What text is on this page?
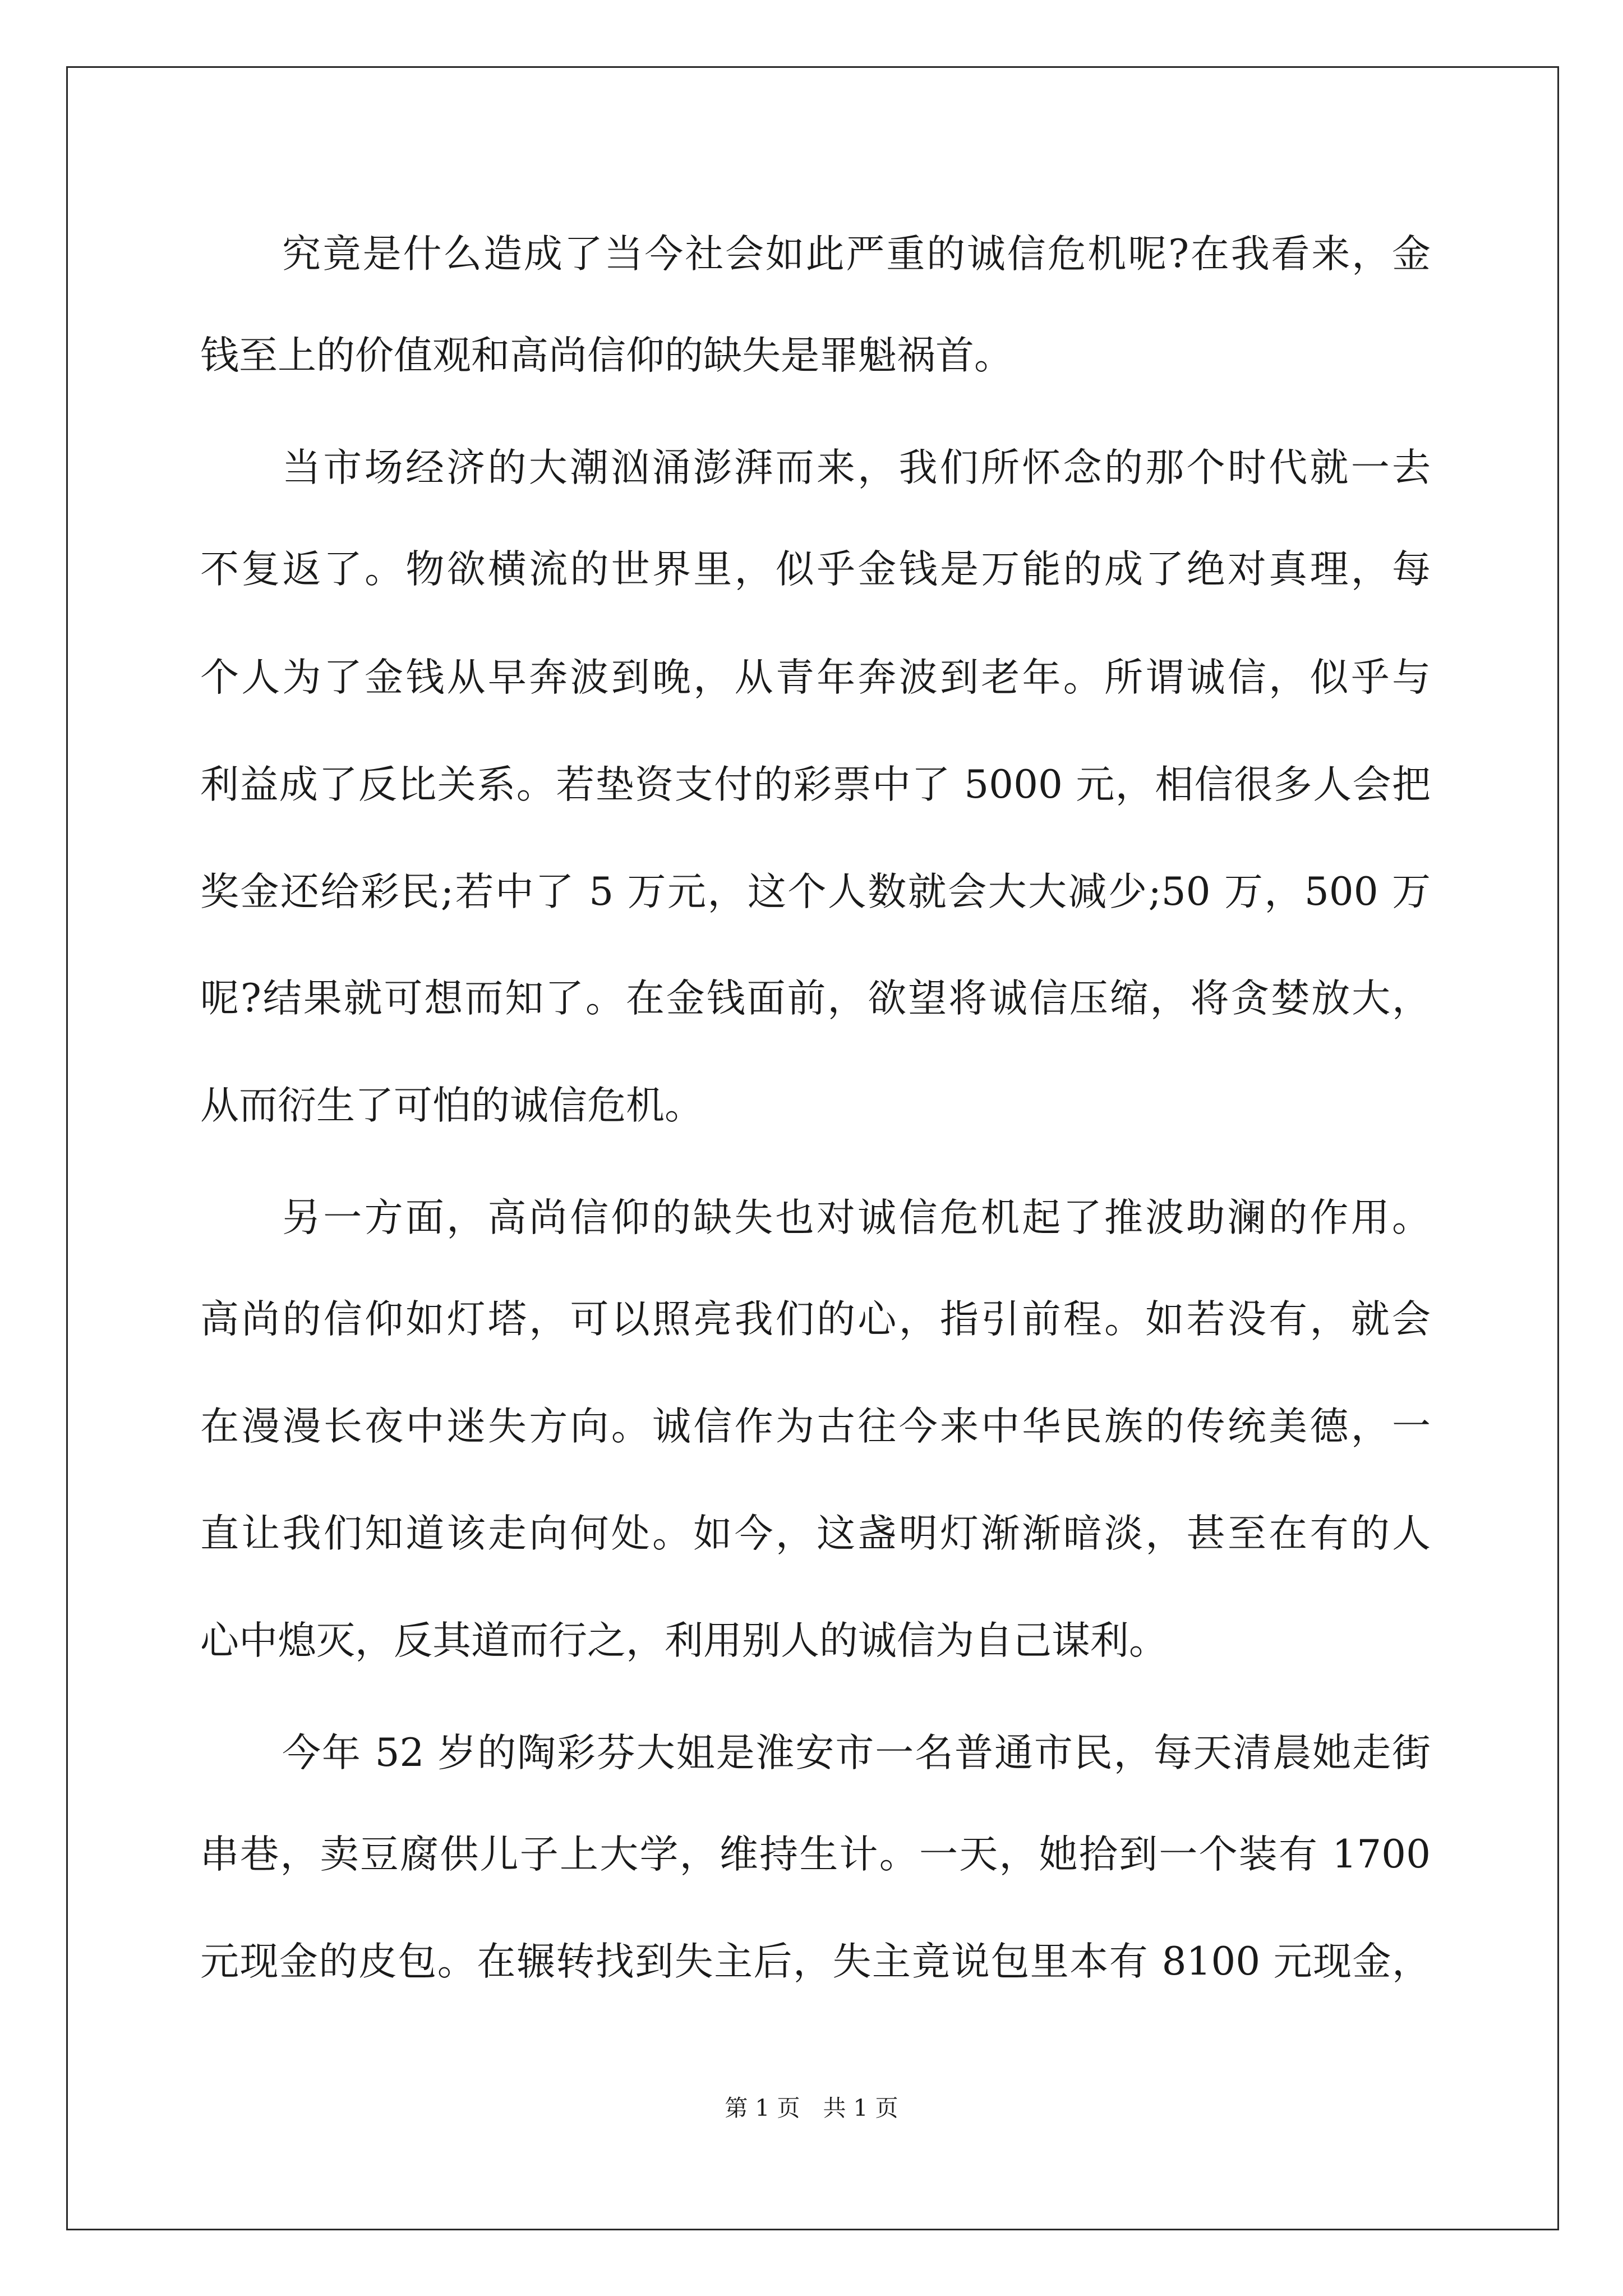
究竟是什么造成了当今社会如此严重的诚信危机呢?在我看来，金
钱至上的价值观和高尚信仰的缺失是罪魁祸首。
当市场经济的大潮汹涌澎湃而来，我们所怀念的那个时代就一去
不复返了。物欲横流的世界里，似乎金钱是万能的成了绝对真理，每
个人为了金钱从早奔波到晚，从青年奔波到老年。所谓诚信，似乎与
利益成了反比关系。若垫资支付的彩票中了 5000 元，相信很多人会把
奖金还给彩民;若中了 5 万元，这个人数就会大大减少;50 万，500 万
呢?结果就可想而知了。在金钱面前，欲望将诚信压缩，将贪婪放大，
从而衍生了可怕的诚信危机。
另一方面，高尚信仰的缺失也对诚信危机起了推波助澜的作用。
高尚的信仰如灯塔，可以照亮我们的心，指引前程。如若没有，就会
在漫漫长夜中迷失方向。诚信作为古往今来中华民族的传统美德，一
直让我们知道该走向何处。如今，这盏明灯渐渐暗淡，甚至在有的人
心中熄灭，反其道而行之，利用别人的诚信为自己谋利。
今年 52 岁的陶彩芬大姐是淮安市一名普通市民，每天清晨她走街
串巷，卖豆腐供儿子上大学，维持生计。一天，她拾到一个装有 1700
元现金的皮包。在辗转找到失主后，失主竟说包里本有 8100 元现金，
第 1 页　共 1 页
